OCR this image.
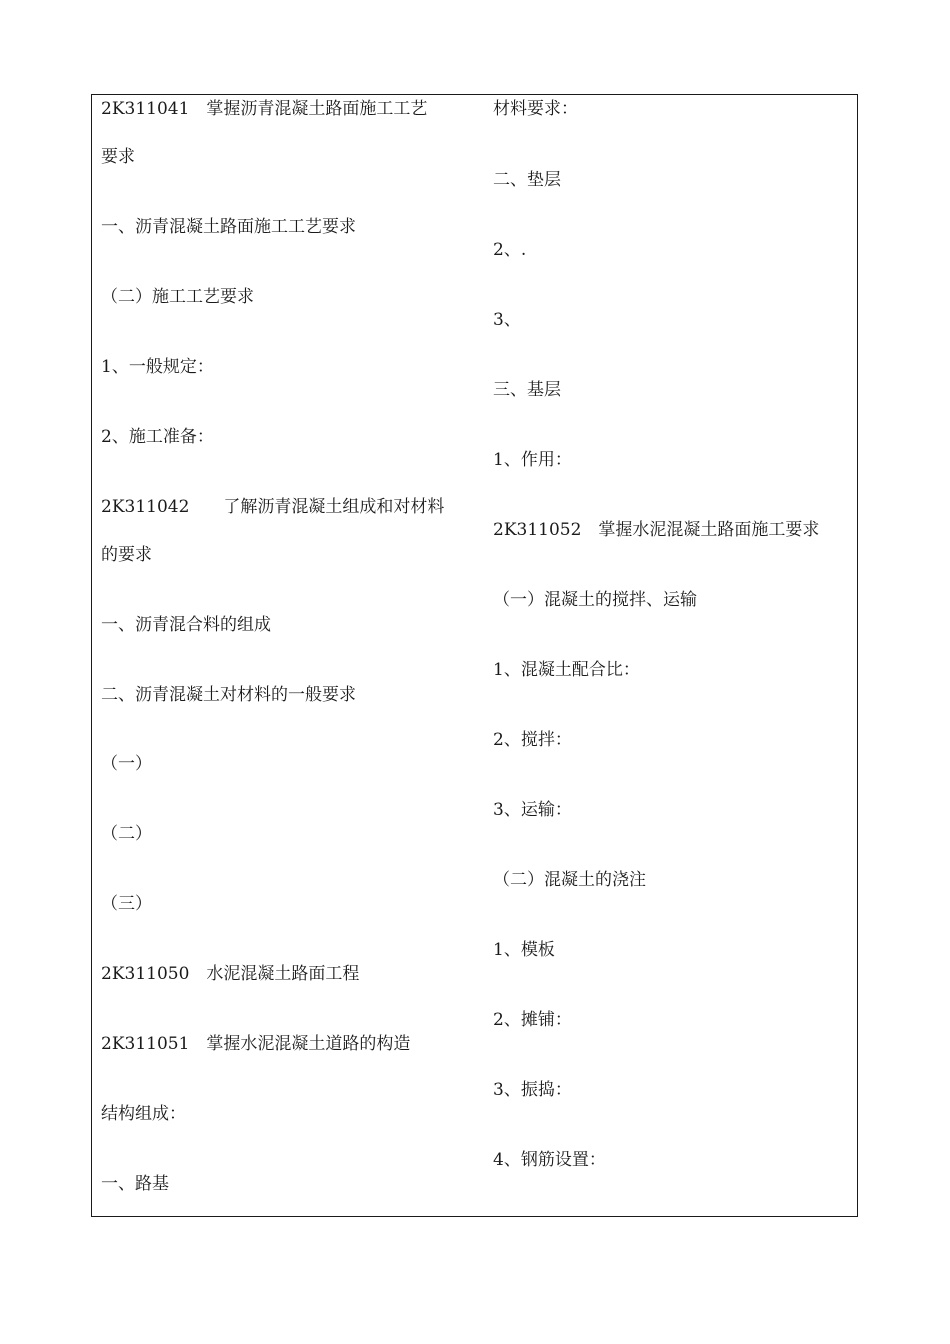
2K311041　掌握沥青混凝土路面施工工艺
要求
一、沥青混凝土路面施工工艺要求
（二）施工工艺要求
1、一般规定：
2、施工准备：
2K311042　　了解沥青混凝土组成和对材料
的要求
一、沥青混合料的组成
二、沥青混凝土对材料的一般要求
（一）
（二）
（三）
2K311050　水泥混凝土路面工程
2K311051　掌握水泥混凝土道路的构造
结构组成：
一、路基
材料要求：
二、垫层
2、.
3、
三、基层
1、作用：
2K311052　掌握水泥混凝土路面施工要求
（一）混凝土的搅拌、运输
1、混凝土配合比：
2、搅拌：
3、运输：
（二）混凝土的浇注
1、模板
2、摊铺：
3、振捣：
4、钢筋设置：
